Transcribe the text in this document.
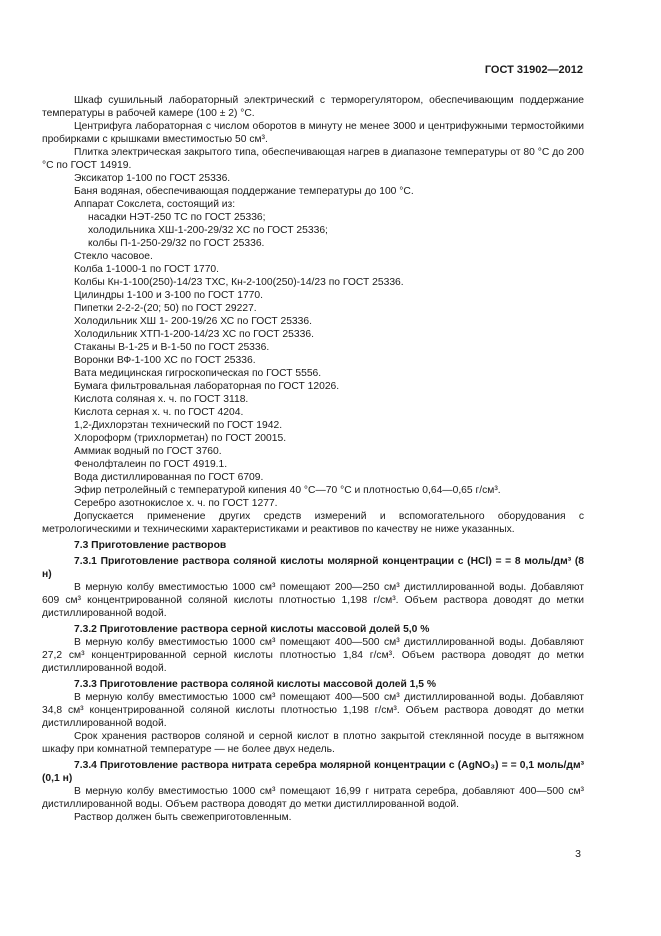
ГОСТ 31902—2012

Шкаф сушильный лабораторный электрический с терморегулятором, обеспечивающим поддержание температуры в рабочей камере (100 ± 2) °С.

Центрифуга лабораторная с числом оборотов в минуту не менее 3000 и центрифужными термостойкими пробирками с крышками вместимостью 50 см³.

Плитка электрическая закрытого типа, обеспечивающая нагрев в диапазоне температуры от 80 °С до 200 °С по ГОСТ 14919.

Эксикатор 1-100 по ГОСТ 25336.

Баня водяная, обеспечивающая поддержание температуры до 100 °С.

Аппарат Сокслета, состоящий из:

насадки НЭТ-250 ТС по ГОСТ 25336;

холодильника ХШ-1-200-29/32 ХС по ГОСТ 25336;

колбы П-1-250-29/32 по ГОСТ 25336.

Стекло часовое.

Колба 1-1000-1 по ГОСТ 1770.

Колбы Кн-1-100(250)-14/23 ТХС, Кн-2-100(250)-14/23 по ГОСТ 25336.

Цилиндры 1-100 и 3-100 по ГОСТ 1770.

Пипетки 2-2-2-(20; 50) по ГОСТ 29227.

Холодильник ХШ 1- 200-19/26 ХС по ГОСТ 25336.

Холодильник ХТП-1-200-14/23 ХС по ГОСТ 25336.

Стаканы В-1-25 и В-1-50 по ГОСТ 25336.

Воронки ВФ-1-100 ХС по ГОСТ 25336.

Вата медицинская гигроскопическая по ГОСТ 5556.

Бумага фильтровальная лабораторная по ГОСТ 12026.

Кислота соляная х. ч. по ГОСТ 3118.

Кислота серная х. ч. по ГОСТ 4204.

1,2-Дихлорэтан технический по ГОСТ 1942.

Хлороформ (трихлорметан) по ГОСТ 20015.

Аммиак водный по ГОСТ 3760.

Фенолфталеин по ГОСТ 4919.1.

Вода дистиллированная по ГОСТ 6709.

Эфир петролейный с температурой кипения 40 °С—70 °С и плотностью 0,64—0,65 г/см³.

Серебро азотнокислое х. ч. по ГОСТ 1277.

Допускается применение других средств измерений и вспомогательного оборудования с метрологическими и техническими характеристиками и реактивов по качеству не ниже указанных.

7.3 Приготовление растворов

7.3.1 Приготовление раствора соляной кислоты молярной концентрации с (HCl) = = 8 моль/дм³ (8 н)

В мерную колбу вместимостью 1000 см³ помещают 200—250 см³ дистиллированной воды. Добавляют 609 см³ концентрированной соляной кислоты плотностью 1,198 г/см³. Объем раствора доводят до метки дистиллированной водой.

7.3.2 Приготовление раствора серной кислоты массовой долей 5,0 %

В мерную колбу вместимостью 1000 см³ помещают 400—500 см³ дистиллированной воды. Добавляют 27,2 см³ концентрированной серной кислоты плотностью 1,84 г/см³. Объем раствора доводят до метки дистиллированной водой.

7.3.3 Приготовление раствора соляной кислоты массовой долей 1,5 %

В мерную колбу вместимостью 1000 см³ помещают 400—500 см³ дистиллированной воды. Добавляют 34,8 см³ концентрированной соляной кислоты плотностью 1,198 г/см³. Объем раствора доводят до метки дистиллированной водой.

Срок хранения растворов соляной и серной кислот в плотно закрытой стеклянной посуде в вытяжном шкафу при комнатной температуре — не более двух недель.

7.3.4 Приготовление раствора нитрата серебра молярной концентрации с (AgNO₃) = = 0,1 моль/дм³ (0,1 н)

В мерную колбу вместимостью 1000 см³ помещают 16,99 г нитрата серебра, добавляют 400—500 см³ дистиллированной воды. Объем раствора доводят до метки дистиллированной водой.

Раствор должен быть свежеприготовленным.

3
